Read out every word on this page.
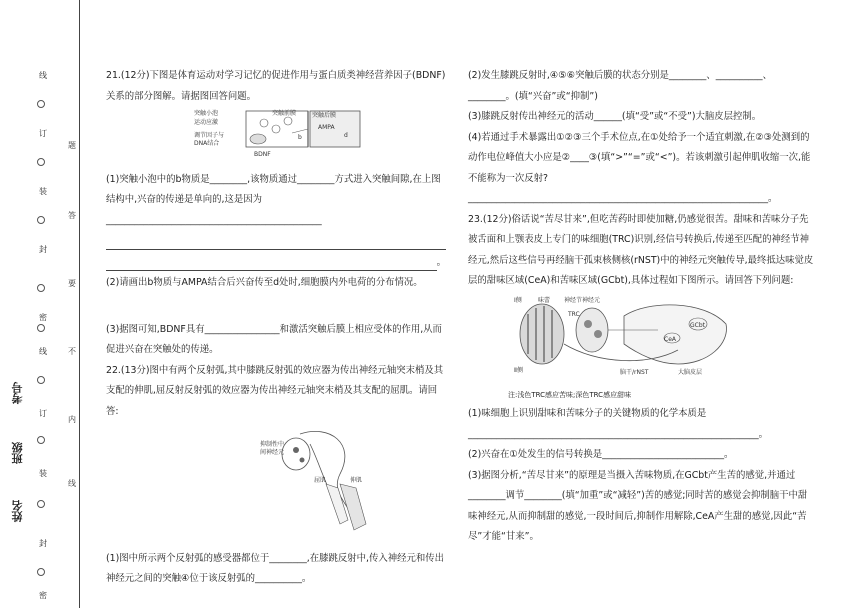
线
订
装
封
密
线
订
装
封
密
题
答
要
不
内
线
考号
班级
姓名

21.(12分)下图是体育运动对学习记忆的促进作用与蛋白质类神经营养因子(BDNF)关系的部分图解。请据图回答问题。

突触小泡
运动应激
突触前膜	突触后膜
AMPA
调节因子与
DNA结合
BDNF
b	d

(1)突触小泡中的b物质是________,该物质通过________方式进入突触间隙,在上图结构中,兴奋的传递是单向的,这是因为______________________________________________

。

(2)请画出b物质与AMPA结合后兴奋传至d处时,细胞膜内外电荷的分布情况。

(3)据图可知,BDNF具有________________和激活突触后膜上相应受体的作用,从而促进兴奋在突触处的传递。

22.(13分)图中有两个反射弧,其中膝跳反射弧的效应器为传出神经元轴突末梢及其支配的伸肌,屈反射反射弧的效应器为传出神经元轴突末梢及其支配的屈肌。请回答:

抑制性中
间神经元
屈肌	伸肌

(1)图中所示两个反射弧的感受器都位于________,在膝跳反射中,传入神经元和传出神经元之间的突触④位于该反射弧的__________。

(2)发生膝跳反射时,④⑤⑥突触后膜的状态分别是________、__________、________。(填“兴奋”或“抑制”)

(3)膝跳反射传出神经元的活动______(填“受”或“不受”)大脑皮层控制。

(4)若通过手术暴露出①②③三个手术位点,在①处给予一个适宜刺激,在②③处测到的动作电位峰值大小应是②____③(填“>”“=”或“<”)。若该刺激引起伸肌收缩一次,能不能称为一次反射?________________________________________________________________。

23.(12分)俗话说“苦尽甘来”,但吃苦药时即使加糖,仍感觉很苦。甜味和苦味分子先被舌面和上颚表皮上专门的味细胞(TRC)识别,经信号转换后,传递至匹配的神经节神经元,然后这些信号再经脑干孤束核侧核(rNST)中的神经元突触传导,最终抵达味觉皮层的甜味区域(CeA)和苦味区域(GCbt),具体过程如下图所示。请回答下列问题:

Ⅰ侧	味蕾 神经节神经元
TRC
GCbt
CeA
Ⅱ侧	脑干/rNST	大脑皮层
注:浅色TRC感应苦味;深色TRC感应甜味

(1)味细胞上识别甜味和苦味分子的关键物质的化学本质是______________________________________________________________。

(2)兴奋在①处发生的信号转换是__________________________。

(3)据图分析,“苦尽甘来”的原理是当摄入苦味物质,在GCbt产生苦的感觉,并通过________调节________(填“加重”或“减轻”)苦的感觉;同时苦的感觉会抑制脑干中甜味神经元,从而抑制甜的感觉,一段时间后,抑制作用解除,CeA产生甜的感觉,因此“苦尽”才能“甘来”。
